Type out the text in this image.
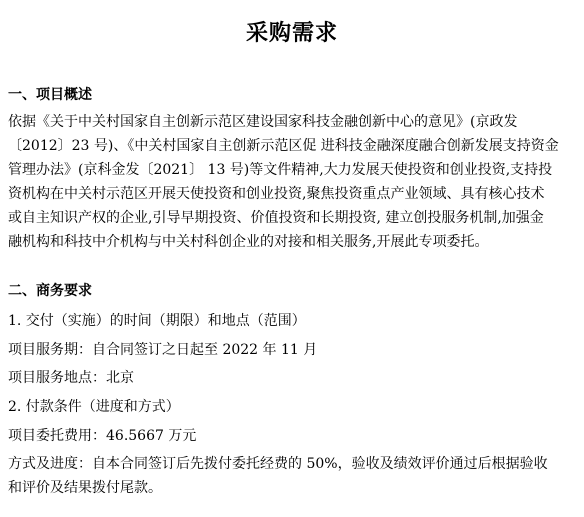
采购需求
一、项目概述
依据《关于中关村国家自主创新示范区建设国家科技金融创新中心的意见》(京政发
〔2012〕23 号)、《中关村国家自主创新示范区促 进科技金融深度融合创新发展支持资金
管理办法》(京科金发〔2021〕 13 号)等文件精神,大力发展天使投资和创业投资,支持投
资机构在中关村示范区开展天使投资和创业投资,聚焦投资重点产业领域、具有核心技术
或自主知识产权的企业,引导早期投资、价值投资和长期投资, 建立创投服务机制,加强金
融机构和科技中介机构与中关村科创企业的对接和相关服务,开展此专项委托。
二、商务要求
1. 交付（实施）的时间（期限）和地点（范围）
项目服务期：自合同签订之日起至 2022 年 11 月
项目服务地点：北京
2. 付款条件（进度和方式）
项目委托费用：46.5667 万元
方式及进度：自本合同签订后先拨付委托经费的 50%，验收及绩效评价通过后根据验收
和评价及结果拨付尾款。
